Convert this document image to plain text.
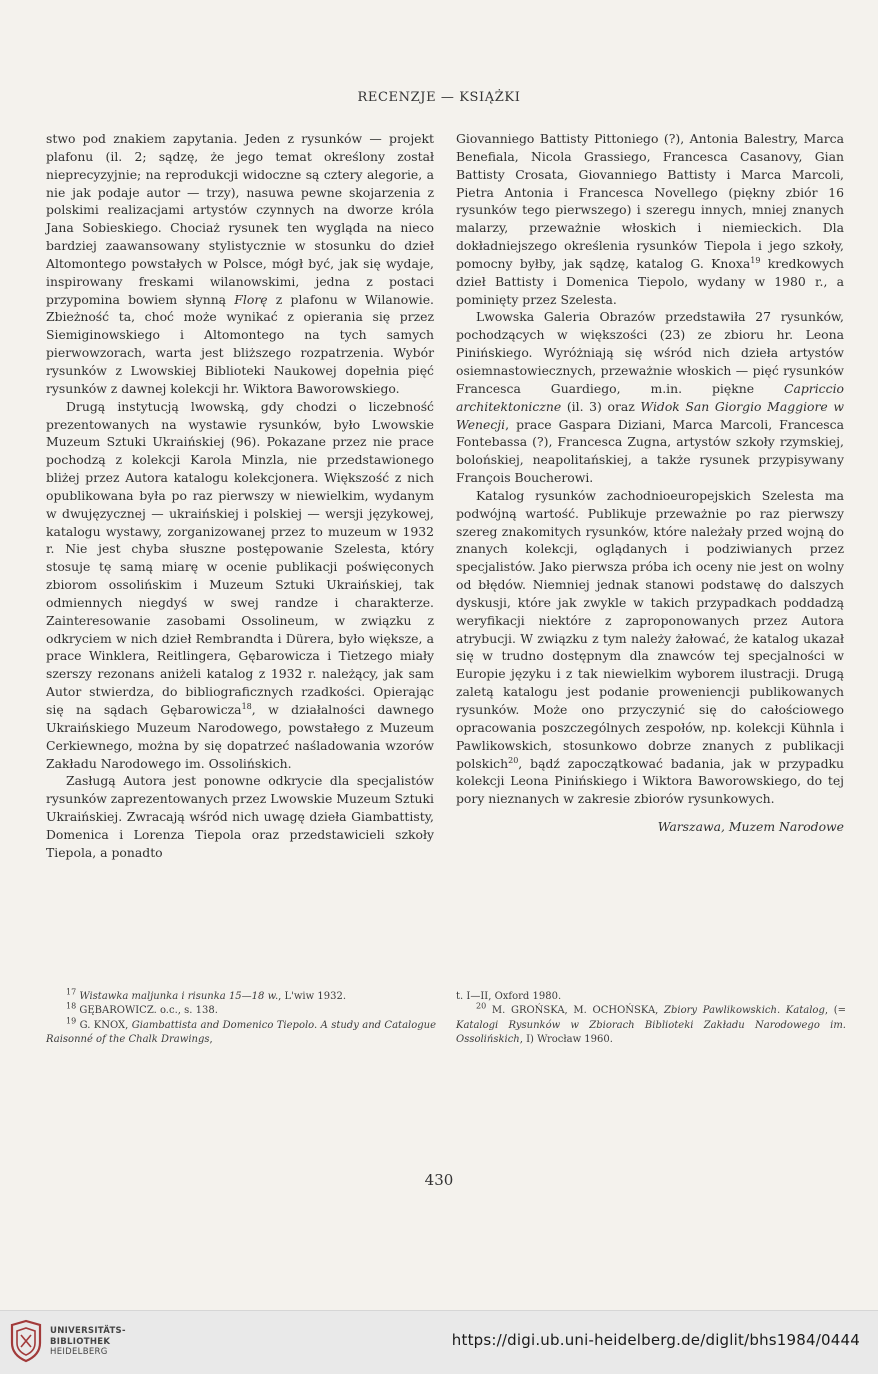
RECENZJE — KSIĄŻKI

stwo pod znakiem zapytania. Jeden z rysunków — projekt plafonu (il. 2; sądzę, że jego temat określony został nieprecyzyjnie; na reprodukcji widoczne są cztery alegorie, a nie jak podaje autor — trzy), nasuwa pewne skojarzenia z polskimi realizacjami artystów czynnych na dworze króla Jana Sobieskiego. Chociaż rysunek ten wygląda na nieco bardziej zaawansowany stylistycznie w stosunku do dzieł Altomontego powstałych w Polsce, mógł być, jak się wydaje, inspirowany freskami wilanowskimi, jedna z postaci przypomina bowiem słynną Florę z plafonu w Wilanowie. Zbieżność ta, choć może wynikać z opierania się przez Siemiginowskiego i Altomontego na tych samych pierwowzorach, warta jest bliższego rozpatrzenia. Wybór rysunków z Lwowskiej Biblioteki Naukowej dopełnia pięć rysunków z dawnej kolekcji hr. Wiktora Baworowskiego.

Drugą instytucją lwowską, gdy chodzi o liczebność prezentowanych na wystawie rysunków, było Lwowskie Muzeum Sztuki Ukraińskiej (96). Pokazane przez nie prace pochodzą z kolekcji Karola Minzla, nie przedstawionego bliżej przez Autora katalogu kolekcjonera. Większość z nich opublikowana była po raz pierwszy w niewielkim, wydanym w dwujęzycznej — ukraińskiej i polskiej — wersji językowej, katalogu wystawy, zorganizowanej przez to muzeum w 1932 r. Nie jest chyba słuszne postępowanie Szelesta, który stosuje tę samą miarę w ocenie publikacji poświęconych zbiorom ossolińskim i Muzeum Sztuki Ukraińskiej, tak odmiennych niegdyś w swej randze i charakterze. Zainteresowanie zasobami Ossolineum, w związku z odkryciem w nich dzieł Rembrandta i Dürera, było większe, a prace Winklera, Reitlingera, Gębarowicza i Tietzego miały szerszy rezonans aniżeli katalog z 1932 r. należący, jak sam Autor stwierdza, do bibliograficznych rzadkości. Opierając się na sądach Gębarowicza$^{18}$, w działalności dawnego Ukraińskiego Muzeum Narodowego, powstałego z Muzeum Cerkiewnego, można by się dopatrzeć naśladowania wzorów Zakładu Narodowego im. Ossolińskich.

Zasługą Autora jest ponowne odkrycie dla specjalistów rysunków zaprezentowanych przez Lwowskie Muzeum Sztuki Ukraińskiej. Zwracają wśród nich uwagę dzieła Giambattisty, Domenica i Lorenza Tiepola oraz przedstawicieli szkoły Tiepola, a ponadto

Giovanniego Battisty Pittoniego (?), Antonia Balestry, Marca Benefiala, Nicola Grassiego, Francesca Casanovy, Gian Battisty Crosata, Giovanniego Battisty i Marca Marcoli, Pietra Antonia i Francesca Novellego (piękny zbiór 16 rysunków tego pierwszego) i szeregu innych, mniej znanych malarzy, przeważnie włoskich i niemieckich. Dla dokładniejszego określenia rysunków Tiepola i jego szkoły, pomocny byłby, jak sądzę, katalog G. Knoxa$^{19}$ kredkowych dzieł Battisty i Domenica Tiepolo, wydany w 1980 r., a pominięty przez Szelesta.

Lwowska Galeria Obrazów przedstawiła 27 rysunków, pochodzących w większości (23) ze zbioru hr. Leona Pinińskiego. Wyróżniają się wśród nich dzieła artystów osiemnastowiecznych, przeważnie włoskich — pięć rysunków Francesca Guardiego, m.in. piękne Capriccio architektoniczne (il. 3) oraz Widok San Giorgio Maggiore w Wenecji, prace Gaspara Diziani, Marca Marcoli, Francesca Fontebassa (?), Francesca Zugna, artystów szkoły rzymskiej, bolońskiej, neapolitańskiej, a także rysunek przypisywany François Boucherowi.

Katalog rysunków zachodnioeuropejskich Szelesta ma podwójną wartość. Publikuje przeważnie po raz pierwszy szereg znakomitych rysunków, które należały przed wojną do znanych kolekcji, oglądanych i podziwianych przez specjalistów. Jako pierwsza próba ich oceny nie jest on wolny od błędów. Niemniej jednak stanowi podstawę do dalszych dyskusji, które jak zwykle w takich przypadkach poddadzą weryfikacji niektóre z zaproponowanych przez Autora atrybucji. W związku z tym należy żałować, że katalog ukazał się w trudno dostępnym dla znawców tej specjalności w Europie języku i z tak niewielkim wyborem ilustracji. Drugą zaletą katalogu jest podanie proweniencji publikowanych rysunków. Może ono przyczynić się do całościowego opracowania poszczególnych zespołów, np. kolekcji Kühnla i Pawlikowskich, stosunkowo dobrze znanych z publikacji polskich$^{20}$, bądź zapoczątkować badania, jak w przypadku kolekcji Leona Pinińskiego i Wiktora Baworowskiego, do tej pory nieznanych w zakresie zbiorów rysunkowych.

Warszawa, Muzem Narodowe

$^{17}$ Wistawka maljunka i risunka 15—18 w., L'wiw 1932.

$^{18}$ GĘBAROWICZ. o.c., s. 138.

$^{19}$ G. KNOX, Giambattista and Domenico Tiepolo. A study and Catalogue Raisonné of the Chalk Drawings,

t. I—II, Oxford 1980.

$^{20}$ M. GROŃSKA, M. OCHOŃSKA, Zbiory Pawlikowskich. Katalog, (= Katalogi Rysunków w Zbiorach Biblioteki Zakładu Narodowego im. Ossolińskich, I) Wrocław 1960.

430
UNIVERSITÄTS-
BIBLIOTHEK
HEIDELBERG
https://digi.ub.uni-heidelberg.de/diglit/bhs1984/0444
